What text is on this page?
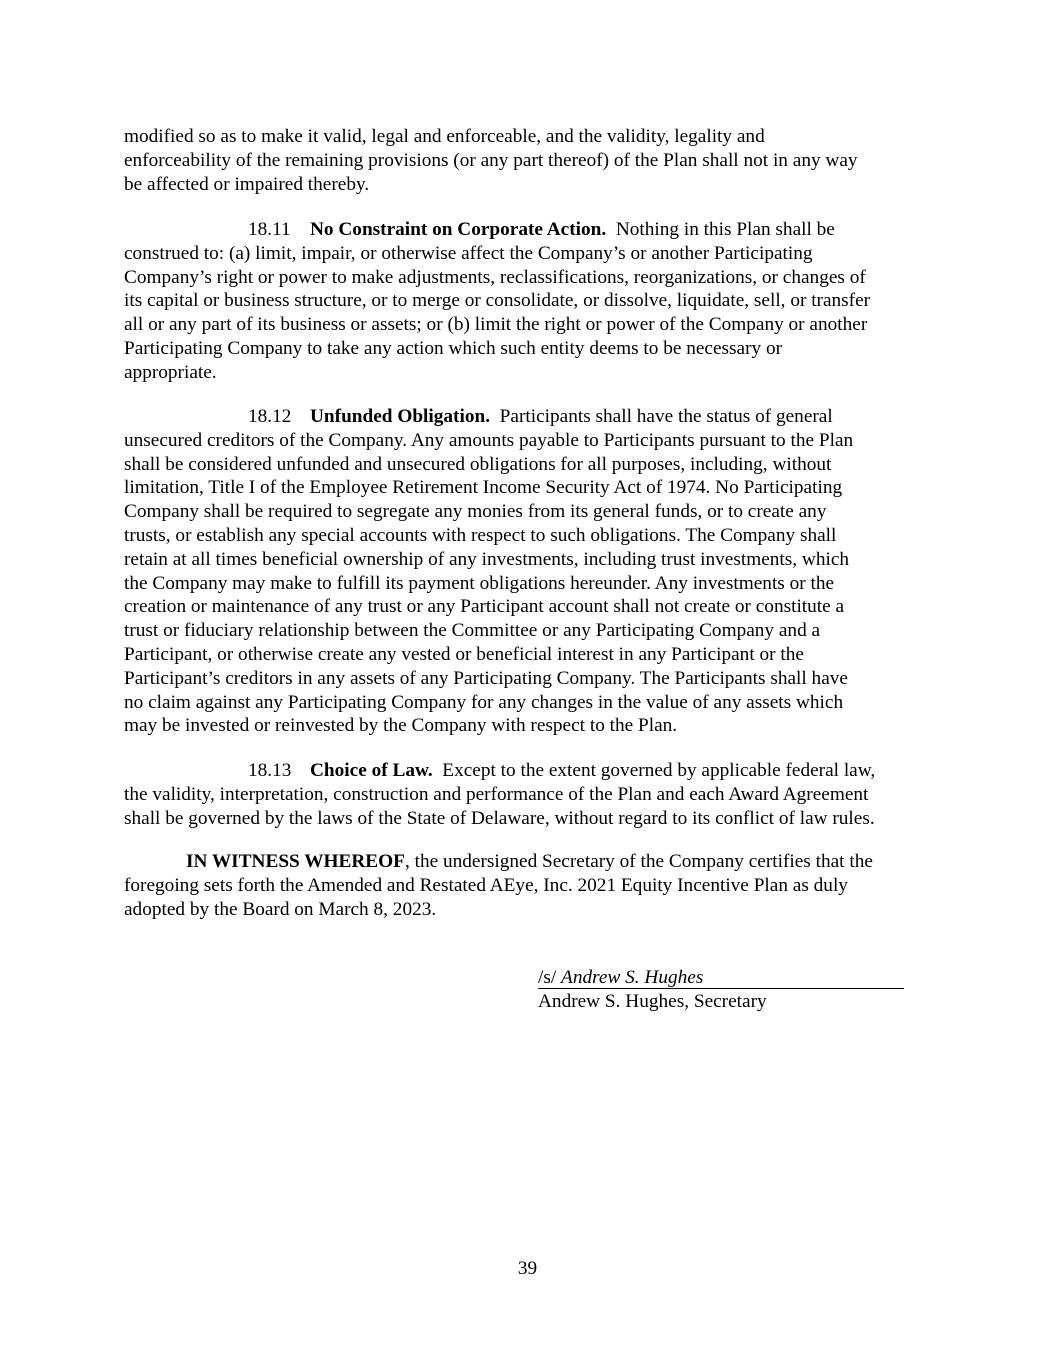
modified so as to make it valid, legal and enforceable, and the validity, legality and
enforceability of the remaining provisions (or any part thereof) of the Plan shall not in any way
be affected or impaired thereby.

18.11 No Constraint on Corporate Action.  Nothing in this Plan shall be
construed to: (a) limit, impair, or otherwise affect the Company’s or another Participating
Company’s right or power to make adjustments, reclassifications, reorganizations, or changes of
its capital or business structure, or to merge or consolidate, or dissolve, liquidate, sell, or transfer
all or any part of its business or assets; or (b) limit the right or power of the Company or another
Participating Company to take any action which such entity deems to be necessary or
appropriate.

18.12 Unfunded Obligation.  Participants shall have the status of general
unsecured creditors of the Company. Any amounts payable to Participants pursuant to the Plan
shall be considered unfunded and unsecured obligations for all purposes, including, without
limitation, Title I of the Employee Retirement Income Security Act of 1974. No Participating
Company shall be required to segregate any monies from its general funds, or to create any
trusts, or establish any special accounts with respect to such obligations. The Company shall
retain at all times beneficial ownership of any investments, including trust investments, which
the Company may make to fulfill its payment obligations hereunder. Any investments or the
creation or maintenance of any trust or any Participant account shall not create or constitute a
trust or fiduciary relationship between the Committee or any Participating Company and a
Participant, or otherwise create any vested or beneficial interest in any Participant or the
Participant’s creditors in any assets of any Participating Company. The Participants shall have
no claim against any Participating Company for any changes in the value of any assets which
may be invested or reinvested by the Company with respect to the Plan.

18.13 Choice of Law.  Except to the extent governed by applicable federal law,
the validity, interpretation, construction and performance of the Plan and each Award Agreement
shall be governed by the laws of the State of Delaware, without regard to its conflict of law rules.

IN WITNESS WHEREOF, the undersigned Secretary of the Company certifies that the
foregoing sets forth the Amended and Restated AEye, Inc. 2021 Equity Incentive Plan as duly
adopted by the Board on March 8, 2023.

/s/ Andrew S. Hughes
Andrew S. Hughes, Secretary
39
